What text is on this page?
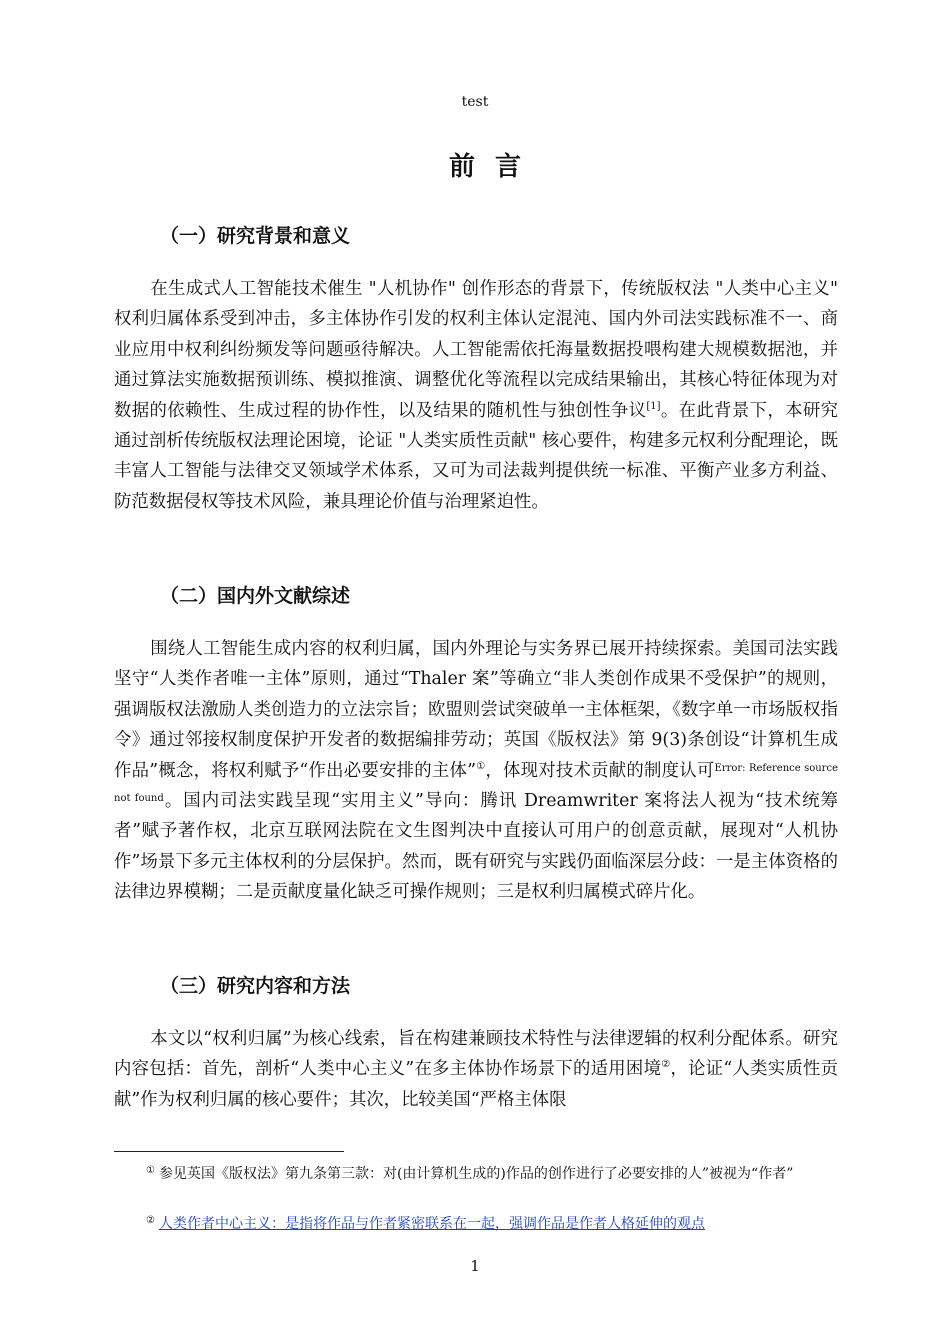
test
前言
（一）研究背景和意义

在生成式人工智能技术催生 "人机协作" 创作形态的背景下，传统版权法 "人类中心主义" 权利归属体系受到冲击，多主体协作引发的权利主体认定混沌、国内外司法实践标准不一、商业应用中权利纠纷频发等问题亟待解决。人工智能需依托海量数据投喂构建大规模数据池，并通过算法实施数据预训练、模拟推演、调整优化等流程以完成结果输出，其核心特征体现为对数据的依赖性、生成过程的协作性，以及结果的随机性与独创性争议[1]。在此背景下，本研究通过剖析传统版权法理论困境，论证 "人类实质性贡献" 核心要件，构建多元权利分配理论，既丰富人工智能与法律交叉领域学术体系，又可为司法裁判提供统一标准、平衡产业多方利益、防范数据侵权等技术风险，兼具理论价值与治理紧迫性。

（二）国内外文献综述

围绕人工智能生成内容的权利归属，国内外理论与实务界已展开持续探索。美国司法实践坚守“人类作者唯一主体”原则，通过“Thaler 案”等确立“非人类创作成果不受保护”的规则，强调版权法激励人类创造力的立法宗旨；欧盟则尝试突破单一主体框架，《数字单一市场版权指令》通过邻接权制度保护开发者的数据编排劳动；英国《版权法》第 9(3)条创设“计算机生成作品”概念，将权利赋予“作出必要安排的主体”①，体现对技术贡献的制度认可$^{Error: Reference source not found}$。国内司法实践呈现“实用主义”导向：腾讯 Dreamwriter 案将法人视为“技术统筹者”赋予著作权，北京互联网法院在文生图判决中直接认可用户的创意贡献，展现对“人机协作”场景下多元主体权利的分层保护。然而，既有研究与实践仍面临深层分歧：一是主体资格的法律边界模糊；二是贡献度量化缺乏可操作规则；三是权利归属模式碎片化。

（三）研究内容和方法

本文以“权利归属”为核心线索，旨在构建兼顾技术特性与法律逻辑的权利分配体系。研究内容包括：首先，剖析“人类中心主义”在多主体协作场景下的适用困境②，论证“人类实质性贡献”作为权利归属的核心要件；其次，比较美国“严格主体限

① 参见英国《版权法》第九条第三款：对(由计算机生成的)作品的创作进行了必要安排的人”被视为“作者”

② 人类作者中心主义：是指将作品与作者紧密联系在一起，强调作品是作者人格延伸的观点

1
